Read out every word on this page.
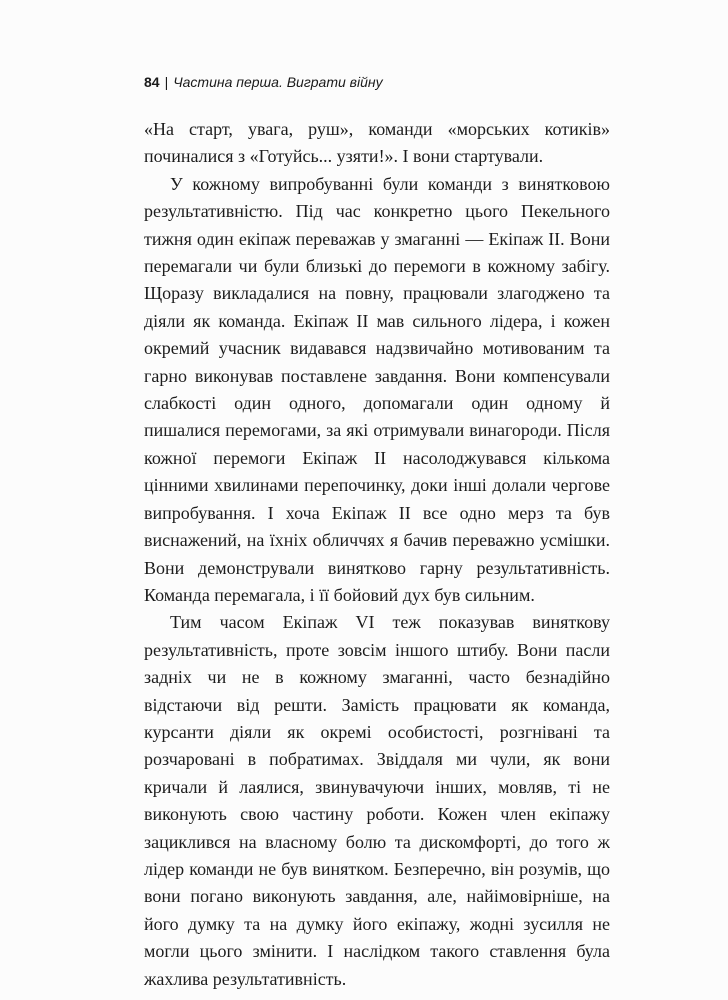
84 | Частина перша. Виграти війну

«На старт, увага, руш», команди «морських котиків» починалися з «Готуйсь... узяти!». І вони стартували.

У кожному випробуванні були команди з винятковою результативністю. Під час конкретно цього Пекельного тижня один екіпаж переважав у змаганні — Екіпаж II. Вони перемагали чи були близькі до перемоги в кожному забігу. Щоразу викладалися на повну, працювали злагоджено та діяли як команда. Екіпаж II мав сильного лідера, і кожен окремий учасник видавався надзвичайно мотивованим та гарно виконував поставлене завдання. Вони компенсували слабкості один одного, допомагали один одному й пишалися перемогами, за які отримували винагороди. Після кожної перемоги Екіпаж II насолоджувався кількома цінними хвилинами перепочинку, доки інші долали чергове випробування. І хоча Екіпаж II все одно мерз та був виснажений, на їхніх обличчях я бачив переважно усмішки. Вони демонстрували винятково гарну результативність. Команда перемагала, і її бойовий дух був сильним.

Тим часом Екіпаж VI теж показував виняткову результативність, проте зовсім іншого штибу. Вони пасли задніх чи не в кожному змаганні, часто безнадійно відстаючи від решти. Замість працювати як команда, курсанти діяли як окремі особистості, розгнівані та розчаровані в побратимах. Звіддаля ми чули, як вони кричали й лаялися, звинувачуючи інших, мовляв, ті не виконують свою частину роботи. Кожен член екіпажу зациклився на власному болю та дискомфорті, до того ж лідер команди не був винятком. Безперечно, він розумів, що вони погано виконують завдання, але, найімовірніше, на його думку та на думку його екіпажу, жодні зусилля не могли цього змінити. І наслідком такого ставлення була жахлива результативність.
